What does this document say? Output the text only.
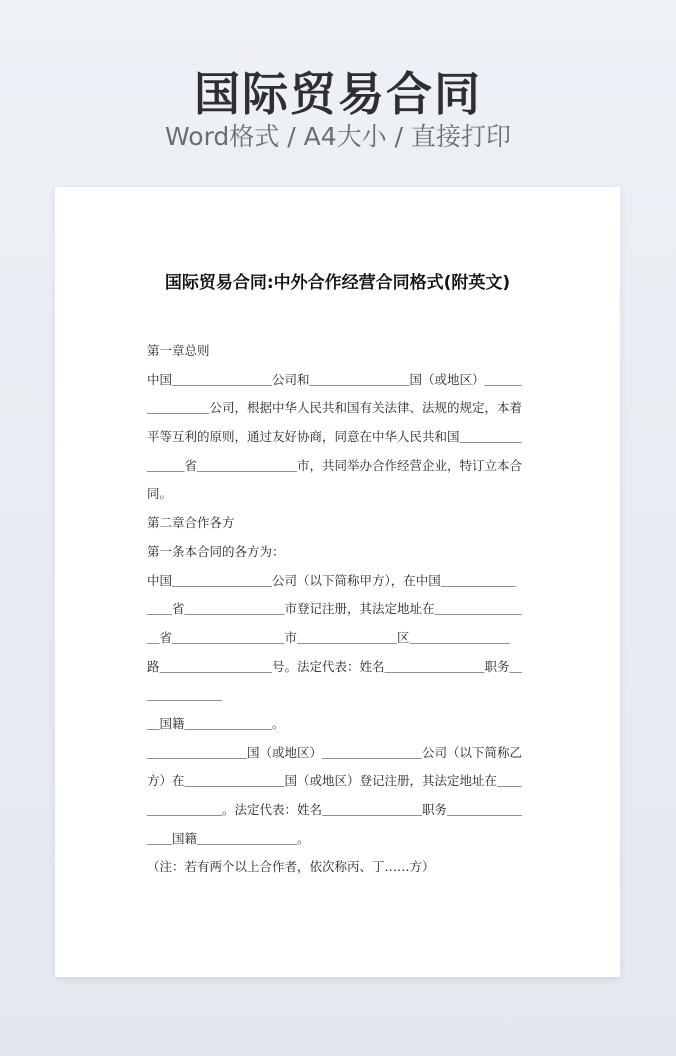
国际贸易合同
Word格式 / A4大小 / 直接打印
国际贸易合同:中外合作经营合同格式(附英文)
第一章总则
中国＿＿＿＿＿＿＿＿公司和＿＿＿＿＿＿＿＿国（或地区）＿＿＿
＿＿＿＿＿公司，根据中华人民共和国有关法律、法规的规定，本着
平等互利的原则，通过友好协商，同意在中华人民共和国＿＿＿＿＿
＿＿＿省＿＿＿＿＿＿＿＿市，共同举办合作经营企业，特订立本合
同。
第二章合作各方
第一条本合同的各方为：
中国＿＿＿＿＿＿＿＿公司（以下简称甲方），在中国＿＿＿＿＿＿
＿＿省＿＿＿＿＿＿＿＿市登记注册，其法定地址在＿＿＿＿＿＿＿
＿省＿＿＿＿＿＿＿＿＿市＿＿＿＿＿＿＿＿区＿＿＿＿＿＿＿＿
路＿＿＿＿＿＿＿＿＿号。法定代表：姓名＿＿＿＿＿＿＿＿职务＿
＿＿＿＿＿＿
＿国籍＿＿＿＿＿＿＿。
＿＿＿＿＿＿＿＿国（或地区）＿＿＿＿＿＿＿＿公司（以下简称乙
方）在＿＿＿＿＿＿＿＿国（或地区）登记注册，其法定地址在＿＿
＿＿＿＿＿＿。法定代表：姓名＿＿＿＿＿＿＿＿职务＿＿＿＿＿＿
＿＿国籍＿＿＿＿＿＿＿＿。
（注：若有两个以上合作者，依次称丙、丁……方）
